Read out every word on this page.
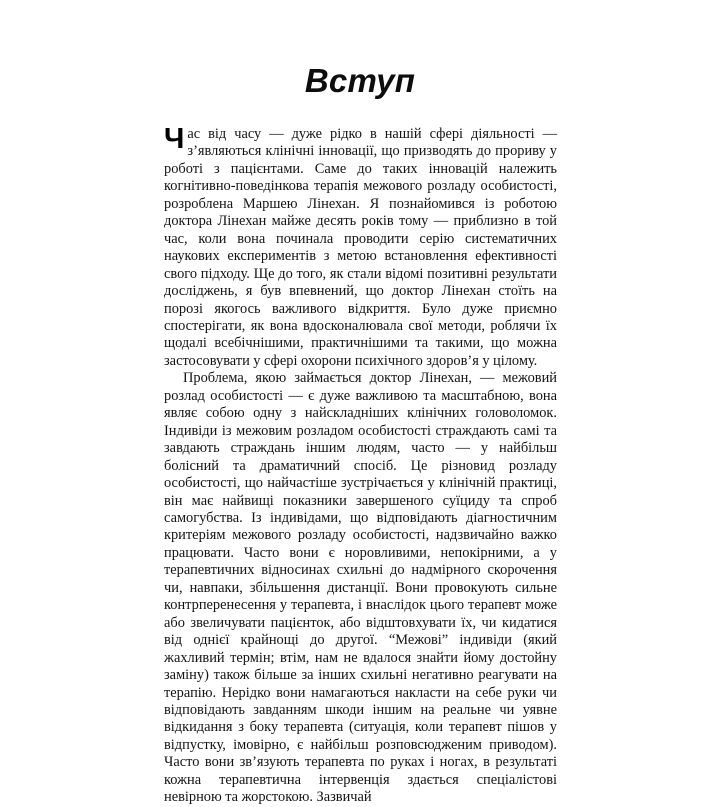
Вступ

Час від часу — дуже рідко в нашій сфері діяльності — з’являються клінічні інновації, що призводять до прориву у роботі з пацієнтами. Саме до таких інновацій належить когнітивно-поведінкова терапія межового розладу особистості, розроблена Маршею Лінехан. Я познайомився із роботою доктора Лінехан майже десять років тому — приблизно в той час, коли вона починала проводити серію систематичних наукових експериментів з метою встановлення ефективності свого підходу. Ще до того, як стали відомі позитивні результати досліджень, я був впевнений, що доктор Лінехан стоїть на порозі якогось важливого відкриття. Було дуже приємно спостерігати, як вона вдосконалювала свої методи, роблячи їх щодалі всебічнішими, практичнішими та такими, що можна застосовувати у сфері охорони психічного здоров’я у цілому.

Проблема, якою займається доктор Лінехан, — межовий розлад особистості — є дуже важливою та масштабною, вона являє собою одну з найскладніших клінічних головоломок. Індивіди із межовим розладом особистості страждають самі та завдають страждань іншим людям, часто — у найбільш болісний та драматичний спосіб. Це різновид розладу особистості, що найчастіше зустрічається у клінічній практиці, він має найвищі показники завершеного суїциду та спроб самогубства. Із індивідами, що відповідають діагностичним критеріям межового розладу особистості, надзвичайно важко працювати. Часто вони є норовливими, непокірними, а у терапевтичних відносинах схильні до надмірного скорочення чи, навпаки, збільшення дистанції. Вони провокують сильне контрперенесення у терапевта, і внаслідок цього терапевт може або звеличувати пацієнток, або відштовхувати їх, чи кидатися від однієї крайнощі до другої. “Межові” індивіди (який жахливий термін; втім, нам не вдалося знайти йому достойну заміну) також більше за інших схильні негативно реагувати на терапію. Нерідко вони намагаються накласти на себе руки чи відповідають завданням шкоди іншим на реальне чи уявне відкидання з боку терапевта (ситуація, коли терапевт пішов у відпустку, імовірно, є найбільш розповсюдженим приводом). Часто вони зв’язують терапевта по руках і ногах, в результаті кожна терапевтична інтервенція здається спеціалістові невірною та жорстокою. Зазвичай
